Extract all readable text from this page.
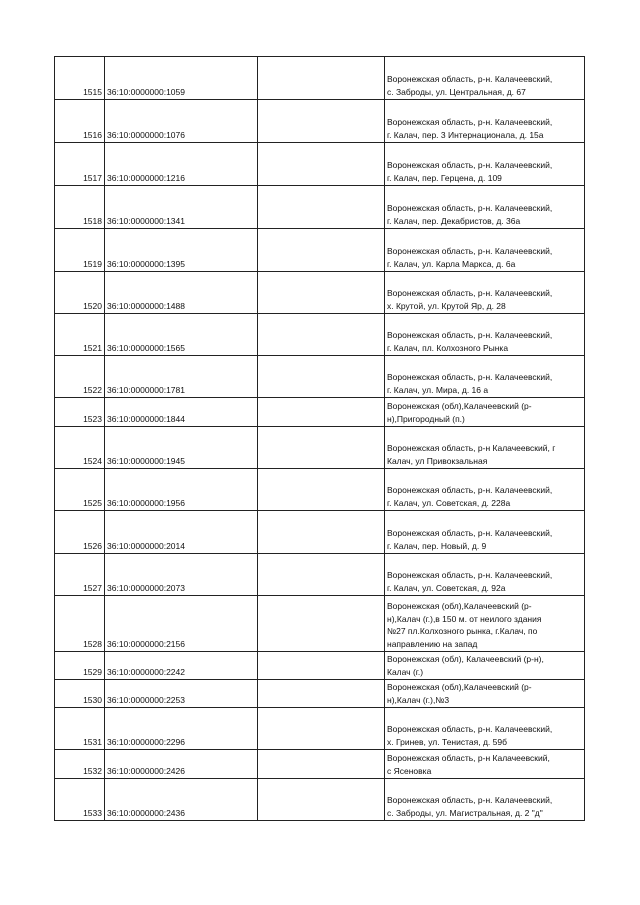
1515	36:10:0000000:1059		Воронежская область, р-н. Калачеевский,
с. Заброды, ул. Центральная, д. 67
1516	36:10:0000000:1076		Воронежская область, р-н. Калачеевский,
г. Калач, пер. 3 Интернационала, д. 15а
1517	36:10:0000000:1216		Воронежская область, р-н. Калачеевский,
г. Калач, пер. Герцена, д. 109
1518	36:10:0000000:1341		Воронежская область, р-н. Калачеевский,
г. Калач, пер. Декабристов, д. 36а
1519	36:10:0000000:1395		Воронежская область, р-н. Калачеевский,
г. Калач, ул. Карла Маркса, д. 6а
1520	36:10:0000000:1488		Воронежская область, р-н. Калачеевский,
х. Крутой, ул. Крутой Яр, д. 28
1521	36:10:0000000:1565		Воронежская область, р-н. Калачеевский,
г. Калач, пл. Колхозного Рынка
1522	36:10:0000000:1781		Воронежская область, р-н. Калачеевский,
г. Калач, ул. Мира, д. 16 а
1523	36:10:0000000:1844		Воронежская (обл),Калачеевский (р-
н),Пригородный (п.)
1524	36:10:0000000:1945		Воронежская область, р-н Калачеевский, г
Калач, ул Привокзальная
1525	36:10:0000000:1956		Воронежская область, р-н. Калачеевский,
г. Калач, ул. Советская, д. 228а
1526	36:10:0000000:2014		Воронежская область, р-н. Калачеевский,
г. Калач, пер. Новый, д. 9
1527	36:10:0000000:2073		Воронежская область, р-н. Калачеевский,
г. Калач, ул. Советская, д. 92а
1528	36:10:0000000:2156		Воронежская (обл),Калачеевский (р-
н),Калач (г.),в 150 м. от неилого здания
№27 пл.Колхозного рынка, г.Калач, по
направлению на запад
1529	36:10:0000000:2242		Воронежская (обл), Калачеевский (р-н),
Калач (г.)
1530	36:10:0000000:2253		Воронежская (обл),Калачеевский (р-
н),Калач (г.),№3
1531	36:10:0000000:2296		Воронежская область, р-н. Калачеевский,
х. Гринев, ул. Тенистая, д. 59б
1532	36:10:0000000:2426		Воронежская область, р-н Калачеевский,
с Ясеновка
1533	36:10:0000000:2436		Воронежская область, р-н. Калачеевский,
с. Заброды, ул. Магистральная, д. 2 "д"
